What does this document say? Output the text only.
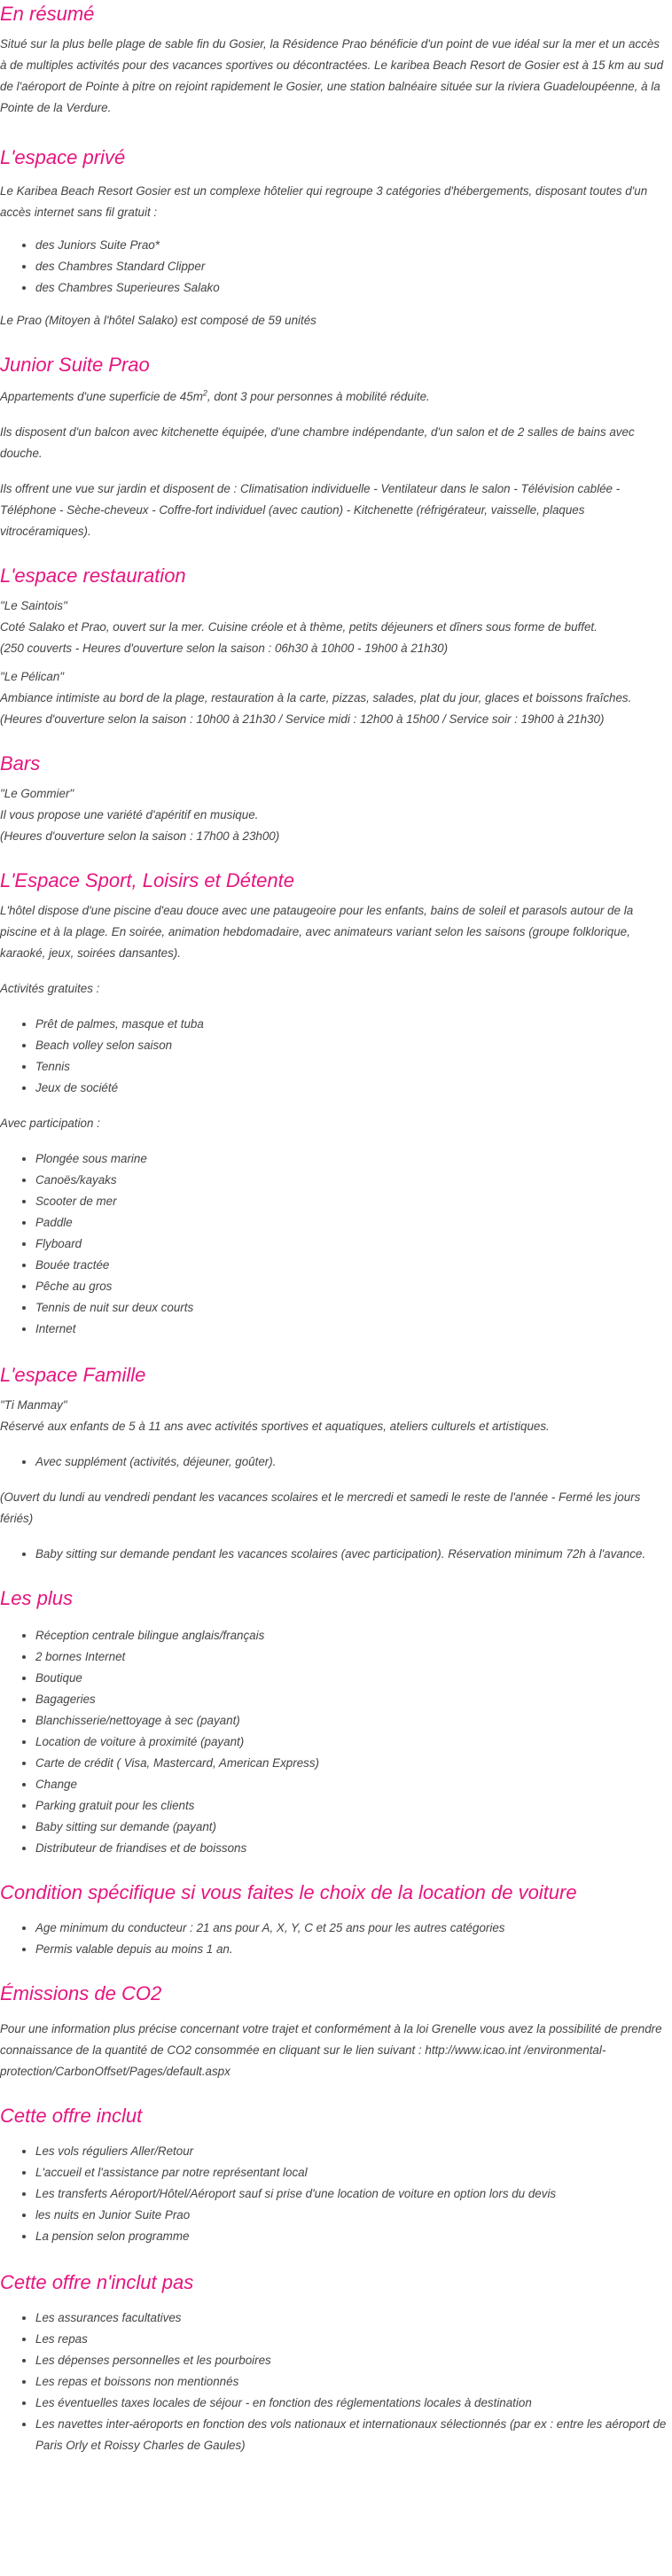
En résumé

Situé sur la plus belle plage de sable fin du Gosier, la Résidence Prao bénéficie d'un point de vue idéal sur la mer et un accès à de multiples activités pour des vacances sportives ou décontractées. Le karibea Beach Resort de Gosier est à 15 km au sud de l'aéroport de Pointe à pitre on rejoint rapidement le Gosier, une station balnéaire située sur la riviera Guadeloupéenne, à la Pointe de la Verdure.

L'espace privé

Le Karibea Beach Resort Gosier est un complexe hôtelier qui regroupe 3 catégories d'hébergements, disposant toutes d'un accès internet sans fil gratuit :

• des Juniors Suite Prao*
• des Chambres Standard Clipper
• des Chambres Superieures Salako

Le Prao (Mitoyen à l'hôtel Salako) est composé de 59 unités

Junior Suite Prao

Appartements d'une superficie de $45m^2$, dont 3 pour personnes à mobilité réduite.

Ils disposent d'un balcon avec kitchenette équipée, d'une chambre indépendante, d'un salon et de 2 salles de bains avec douche.

Ils offrent une vue sur jardin et disposent de : Climatisation individuelle - Ventilateur dans le salon - Télévision cablée - Téléphone - Sèche-cheveux - Coffre-fort individuel (avec caution) - Kitchenette (réfrigérateur, vaisselle, plaques vitrocéramiques).

L'espace restauration

"Le Saintois"
Coté Salako et Prao, ouvert sur la mer. Cuisine créole et à thème, petits déjeuners et dîners sous forme de buffet.
(250 couverts - Heures d'ouverture selon la saison : 06h30 à 10h00 - 19h00 à 21h30)

"Le Pélican"
Ambiance intimiste au bord de la plage, restauration à la carte, pizzas, salades, plat du jour, glaces et boissons fraîches.
(Heures d'ouverture selon la saison : 10h00 à 21h30 / Service midi : 12h00 à 15h00 / Service soir : 19h00 à 21h30)

Bars

"Le Gommier"
Il vous propose une variété d'apéritif en musique.
(Heures d'ouverture selon la saison : 17h00 à 23h00)

L'Espace Sport, Loisirs et Détente

L'hôtel dispose d'une piscine d'eau douce avec une pataugeoire pour les enfants, bains de soleil et parasols autour de la piscine et à la plage. En soirée, animation hebdomadaire, avec animateurs variant selon les saisons (groupe folklorique, karaoké, jeux, soirées dansantes).

Activités gratuites :

• Prêt de palmes, masque et tuba
• Beach volley selon saison
• Tennis
• Jeux de société

Avec participation :

• Plongée sous marine
• Canoës/kayaks
• Scooter de mer
• Paddle
• Flyboard
• Bouée tractée
• Pêche au gros
• Tennis de nuit sur deux courts
• Internet
L'espace Famille

"Ti Manmay"
Réservé aux enfants de 5 à 11 ans avec activités sportives et aquatiques, ateliers culturels et artistiques.

• Avec supplément (activités, déjeuner, goûter).

(Ouvert du lundi au vendredi pendant les vacances scolaires et le mercredi et samedi le reste de l'année - Fermé les jours fériés)

• Baby sitting sur demande pendant les vacances scolaires (avec participation). Réservation minimum 72h à l'avance.
Les plus
• Réception centrale bilingue anglais/français
• 2 bornes Internet
• Boutique
• Bagageries
• Blanchisserie/nettoyage à sec (payant)
• Location de voiture à proximité (payant)
• Carte de crédit ( Visa, Mastercard, American Express)
• Change
• Parking gratuit pour les clients
• Baby sitting sur demande (payant)
• Distributeur de friandises et de boissons
Condition spécifique si vous faites le choix de la location de voiture
• Age minimum du conducteur : 21 ans pour A, X, Y, C et 25 ans pour les autres catégories
• Permis valable depuis au moins 1 an.
Émissions de CO2

Pour une information plus précise concernant votre trajet et conformément à la loi Grenelle vous avez la possibilité de prendre connaissance de la quantité de CO2 consommée en cliquant sur le lien suivant : http://www.icao.int /environmental-protection/CarbonOffset/Pages/default.aspx

Cette offre inclut
• Les vols réguliers Aller/Retour
• L'accueil et l'assistance par notre représentant local
• Les transferts Aéroport/Hôtel/Aéroport sauf si prise d'une location de voiture en option lors du devis
• les nuits en Junior Suite Prao
• La pension selon programme
Cette offre n'inclut pas
• Les assurances facultatives
• Les repas
• Les dépenses personnelles et les pourboires
• Les repas et boissons non mentionnés
• Les éventuelles taxes locales de séjour - en fonction des réglementations locales à destination
• Les navettes inter-aéroports en fonction des vols nationaux et internationaux sélectionnés (par ex : entre les aéroport de Paris Orly et Roissy Charles de Gaules)
